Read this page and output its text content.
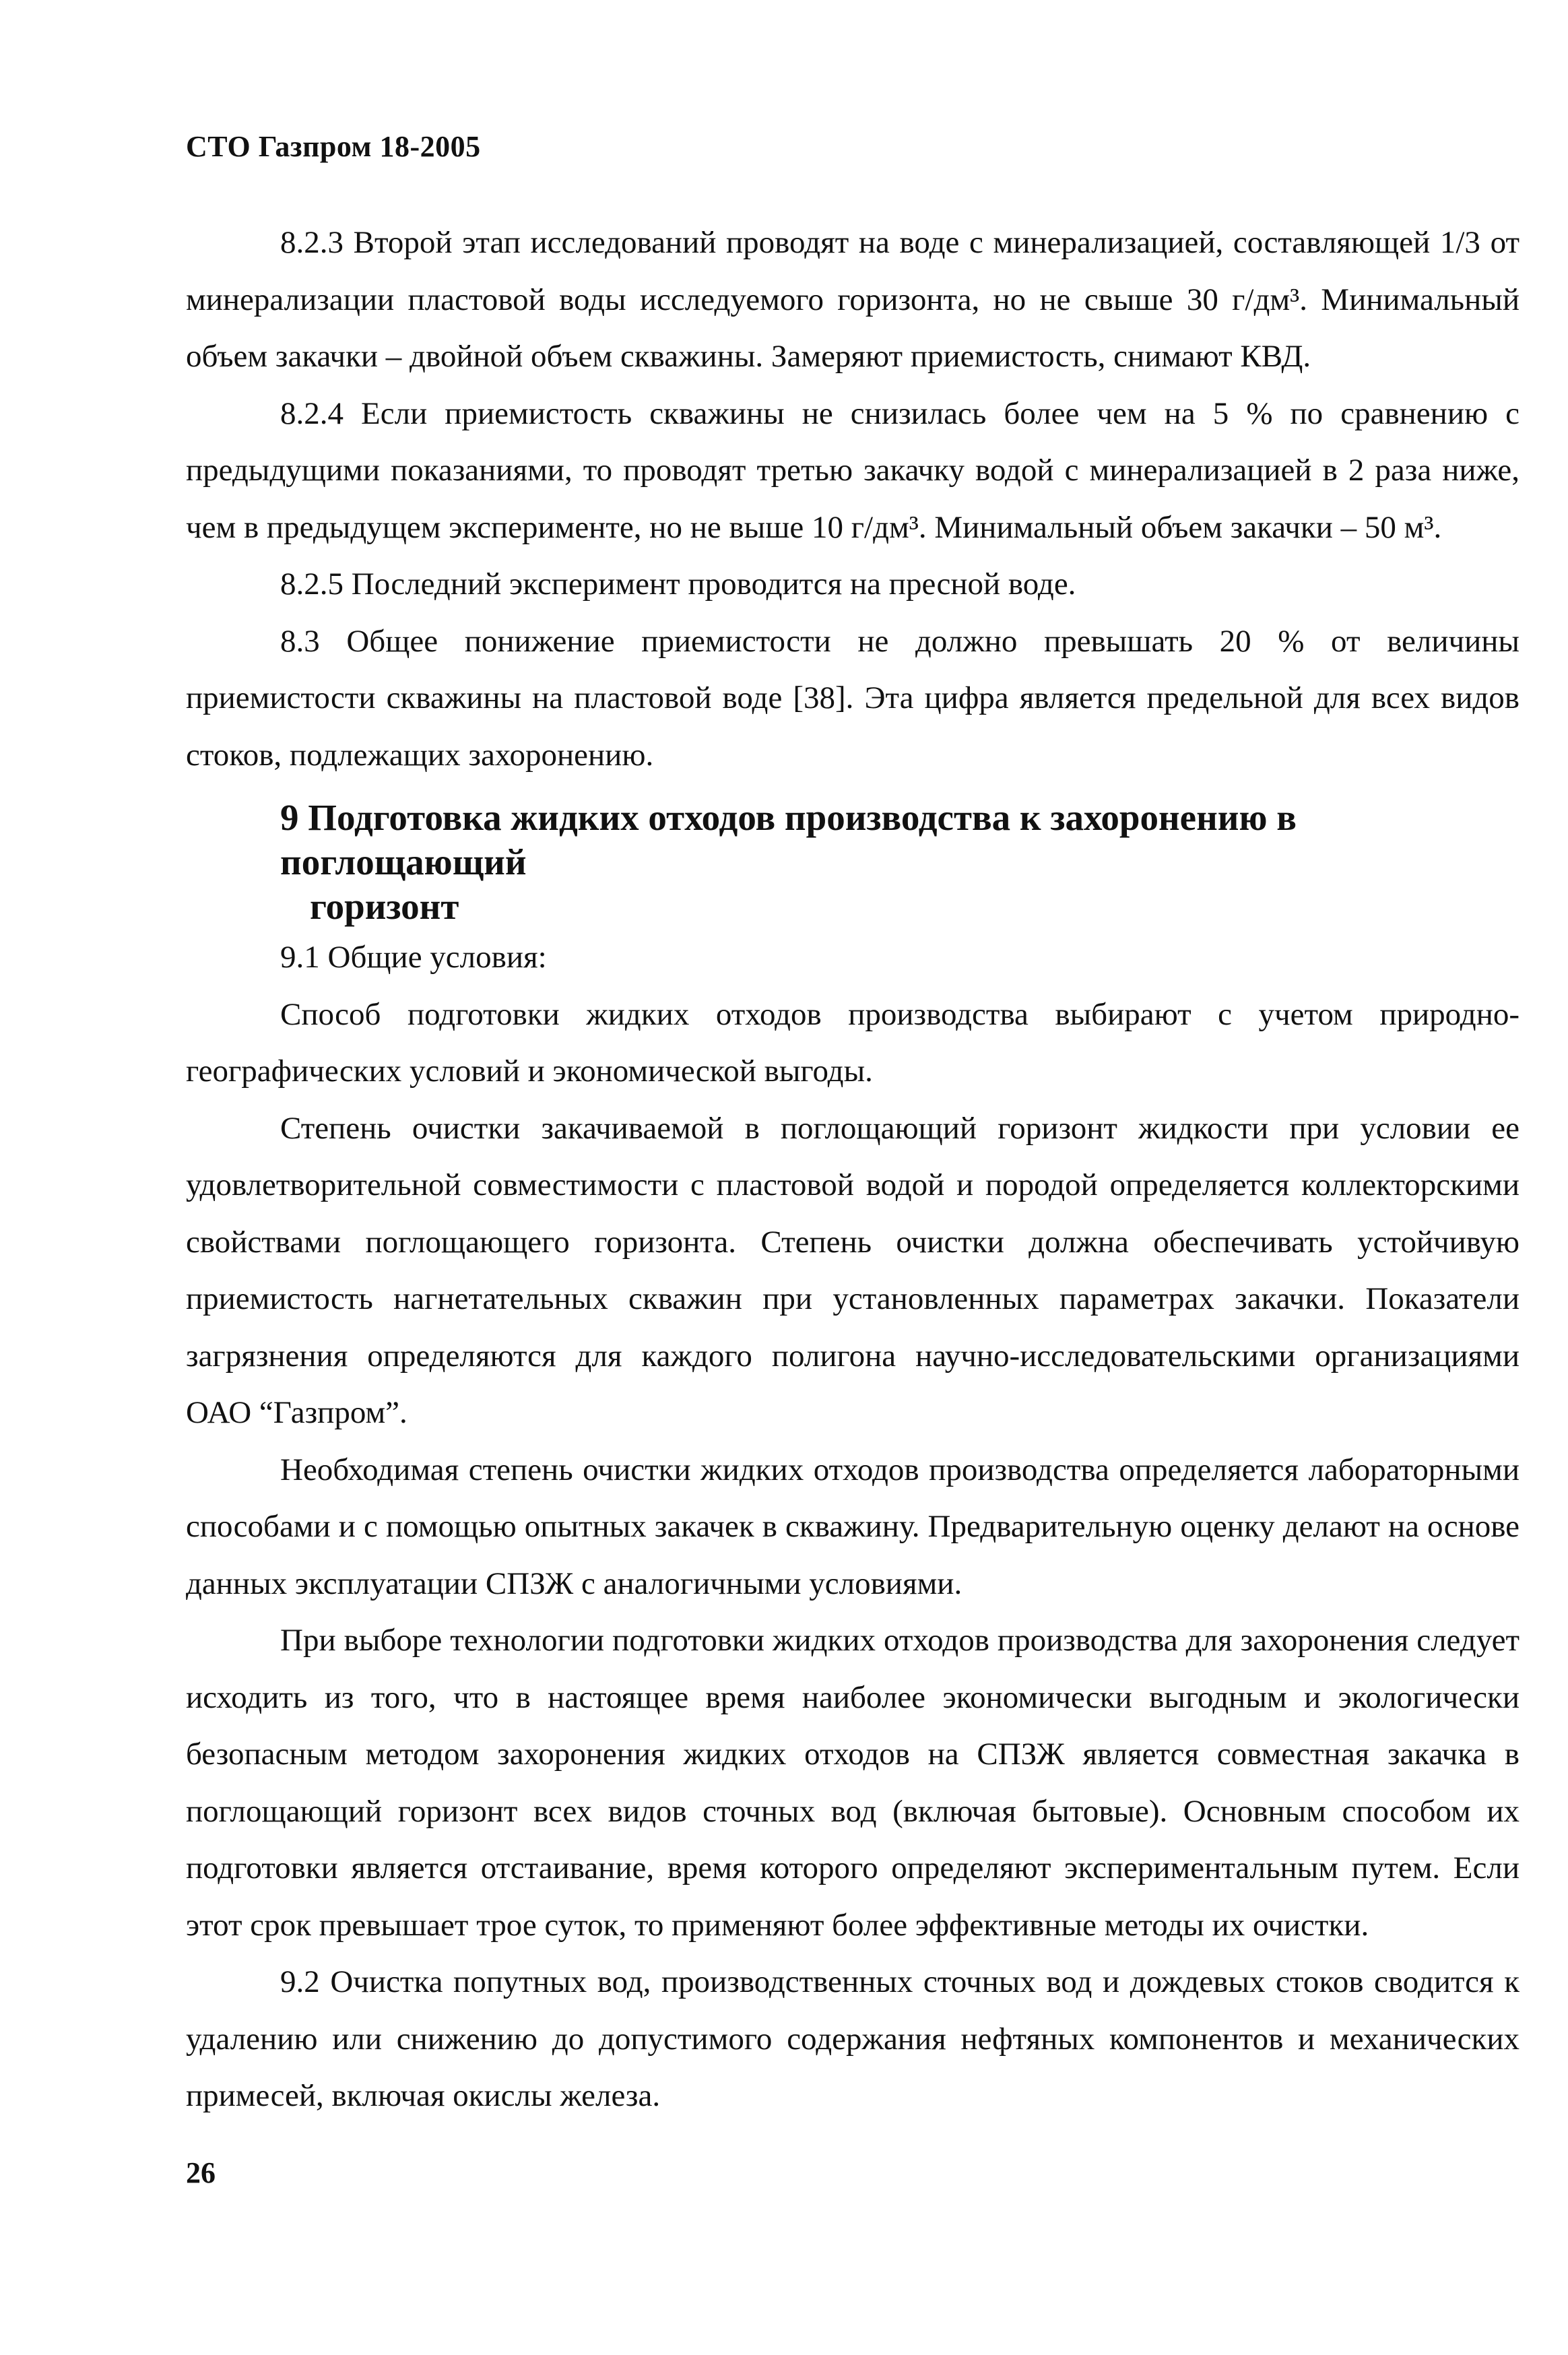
СТО Газпром 18-2005

8.2.3 Второй этап исследований проводят на воде с минерализацией, составляющей 1/3 от минерализации пластовой воды исследуемого горизонта, но не свыше 30 г/дм³. Минимальный объем закачки – двойной объем скважины. Замеряют приемистость, снимают КВД.

8.2.4 Если приемистость скважины не снизилась более чем на 5 % по сравнению с предыдущими показаниями, то проводят третью закачку водой с минерализацией в 2 раза ниже, чем в предыдущем эксперименте, но не выше 10 г/дм³. Минимальный объем закачки – 50 м³.

8.2.5 Последний эксперимент проводится на пресной воде.

8.3 Общее понижение приемистости не должно превышать 20 % от величины приемистости скважины на пластовой воде [38]. Эта цифра является предельной для всех видов стоков, подлежащих захоронению.

9 Подготовка жидких отходов производства к захоронению в поглощающий
горизонт

9.1 Общие условия:

Способ подготовки жидких отходов производства выбирают с учетом природно-географических условий и экономической выгоды.

Степень очистки закачиваемой в поглощающий горизонт жидкости при условии ее удовлетворительной совместимости с пластовой водой и породой определяется коллекторскими свойствами поглощающего горизонта. Степень очистки должна обеспечивать устойчивую приемистость нагнетательных скважин при установленных параметрах закачки. Показатели загрязнения определяются для каждого полигона научно-исследовательскими организациями ОАО “Газпром”.

Необходимая степень очистки жидких отходов производства определяется лабораторными способами и с помощью опытных закачек в скважину. Предварительную оценку делают на основе данных эксплуатации СПЗЖ с аналогичными условиями.

При выборе технологии подготовки жидких отходов производства для захоронения следует исходить из того, что в настоящее время наиболее экономически выгодным и экологически безопасным методом захоронения жидких отходов на СПЗЖ является совместная закачка в поглощающий горизонт всех видов сточных вод (включая бытовые). Основным способом их подготовки является отстаивание, время которого определяют экспериментальным путем. Если этот срок превышает трое суток, то применяют более эффективные методы их очистки.

9.2 Очистка попутных вод, производственных сточных вод и дождевых стоков сводится к удалению или снижению до допустимого содержания нефтяных компонентов и механических примесей, включая окислы железа.

26
